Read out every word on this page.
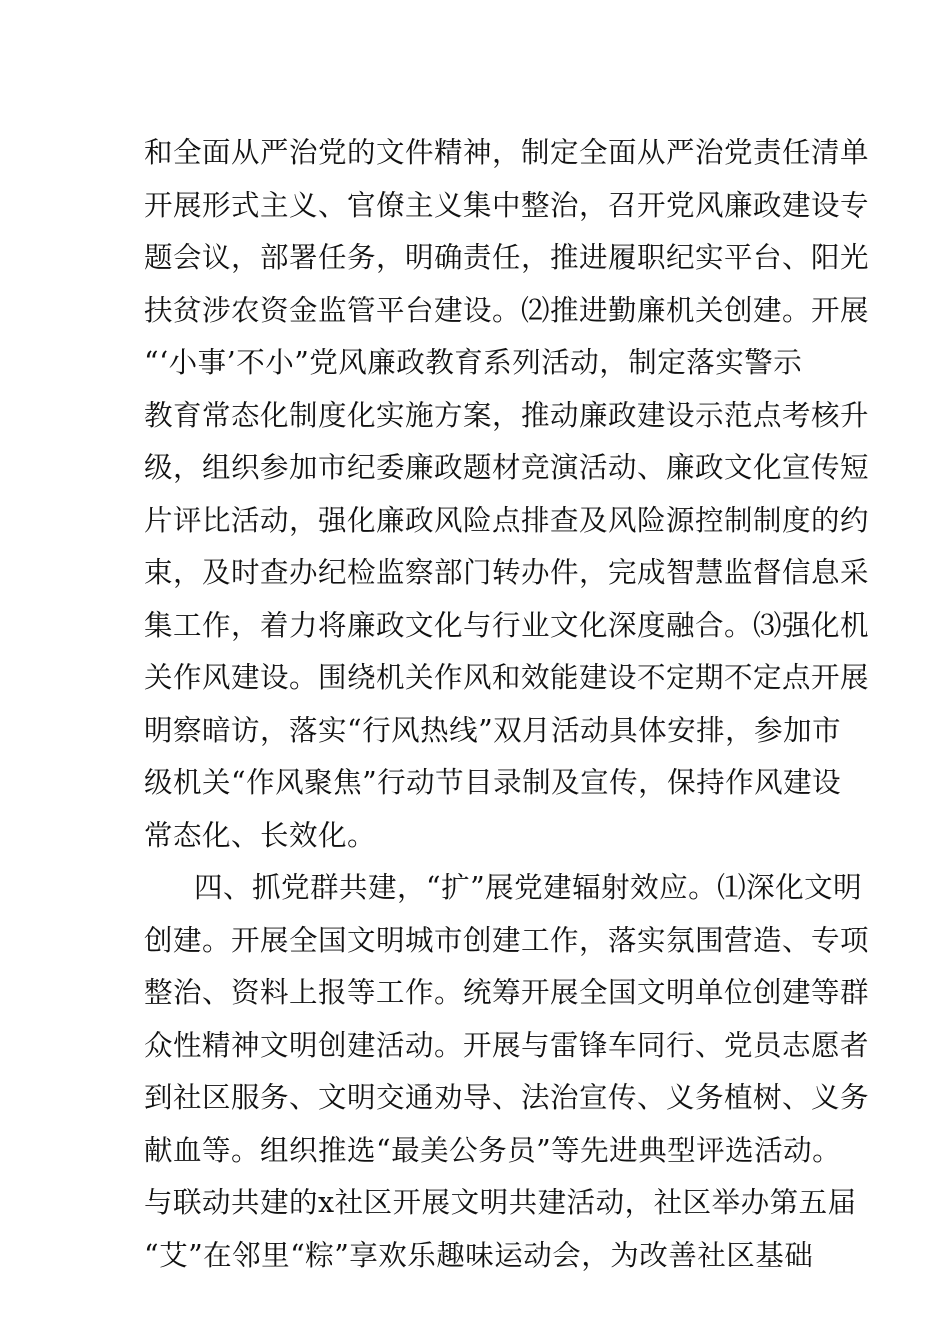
和全面从严治党的文件精神，制定全面从严治党责任清单
开展形式主义、官僚主义集中整治，召开党风廉政建设专
题会议，部署任务，明确责任，推进履职纪实平台、阳光
扶贫涉农资金监管平台建设。⑵推进勤廉机关创建。开展
“‘小事’不小”党风廉政教育系列活动，制定落实警示
教育常态化制度化实施方案，推动廉政建设示范点考核升
级，组织参加市纪委廉政题材竞演活动、廉政文化宣传短
片评比活动，强化廉政风险点排查及风险源控制制度的约
束，及时查办纪检监察部门转办件，完成智慧监督信息采
集工作，着力将廉政文化与行业文化深度融合。⑶强化机
关作风建设。围绕机关作风和效能建设不定期不定点开展
明察暗访，落实“行风热线”双月活动具体安排，参加市
级机关“作风聚焦”行动节目录制及宣传，保持作风建设
常态化、长效化。
四、抓党群共建，“扩”展党建辐射效应。⑴深化文明
创建。开展全国文明城市创建工作，落实氛围营造、专项
整治、资料上报等工作。统筹开展全国文明单位创建等群
众性精神文明创建活动。开展与雷锋车同行、党员志愿者
到社区服务、文明交通劝导、法治宣传、义务植树、义务
献血等。组织推选“最美公务员”等先进典型评选活动。
与联动共建的x社区开展文明共建活动，社区举办第五届
“艾”在邻里“粽”享欢乐趣味运动会，为改善社区基础
